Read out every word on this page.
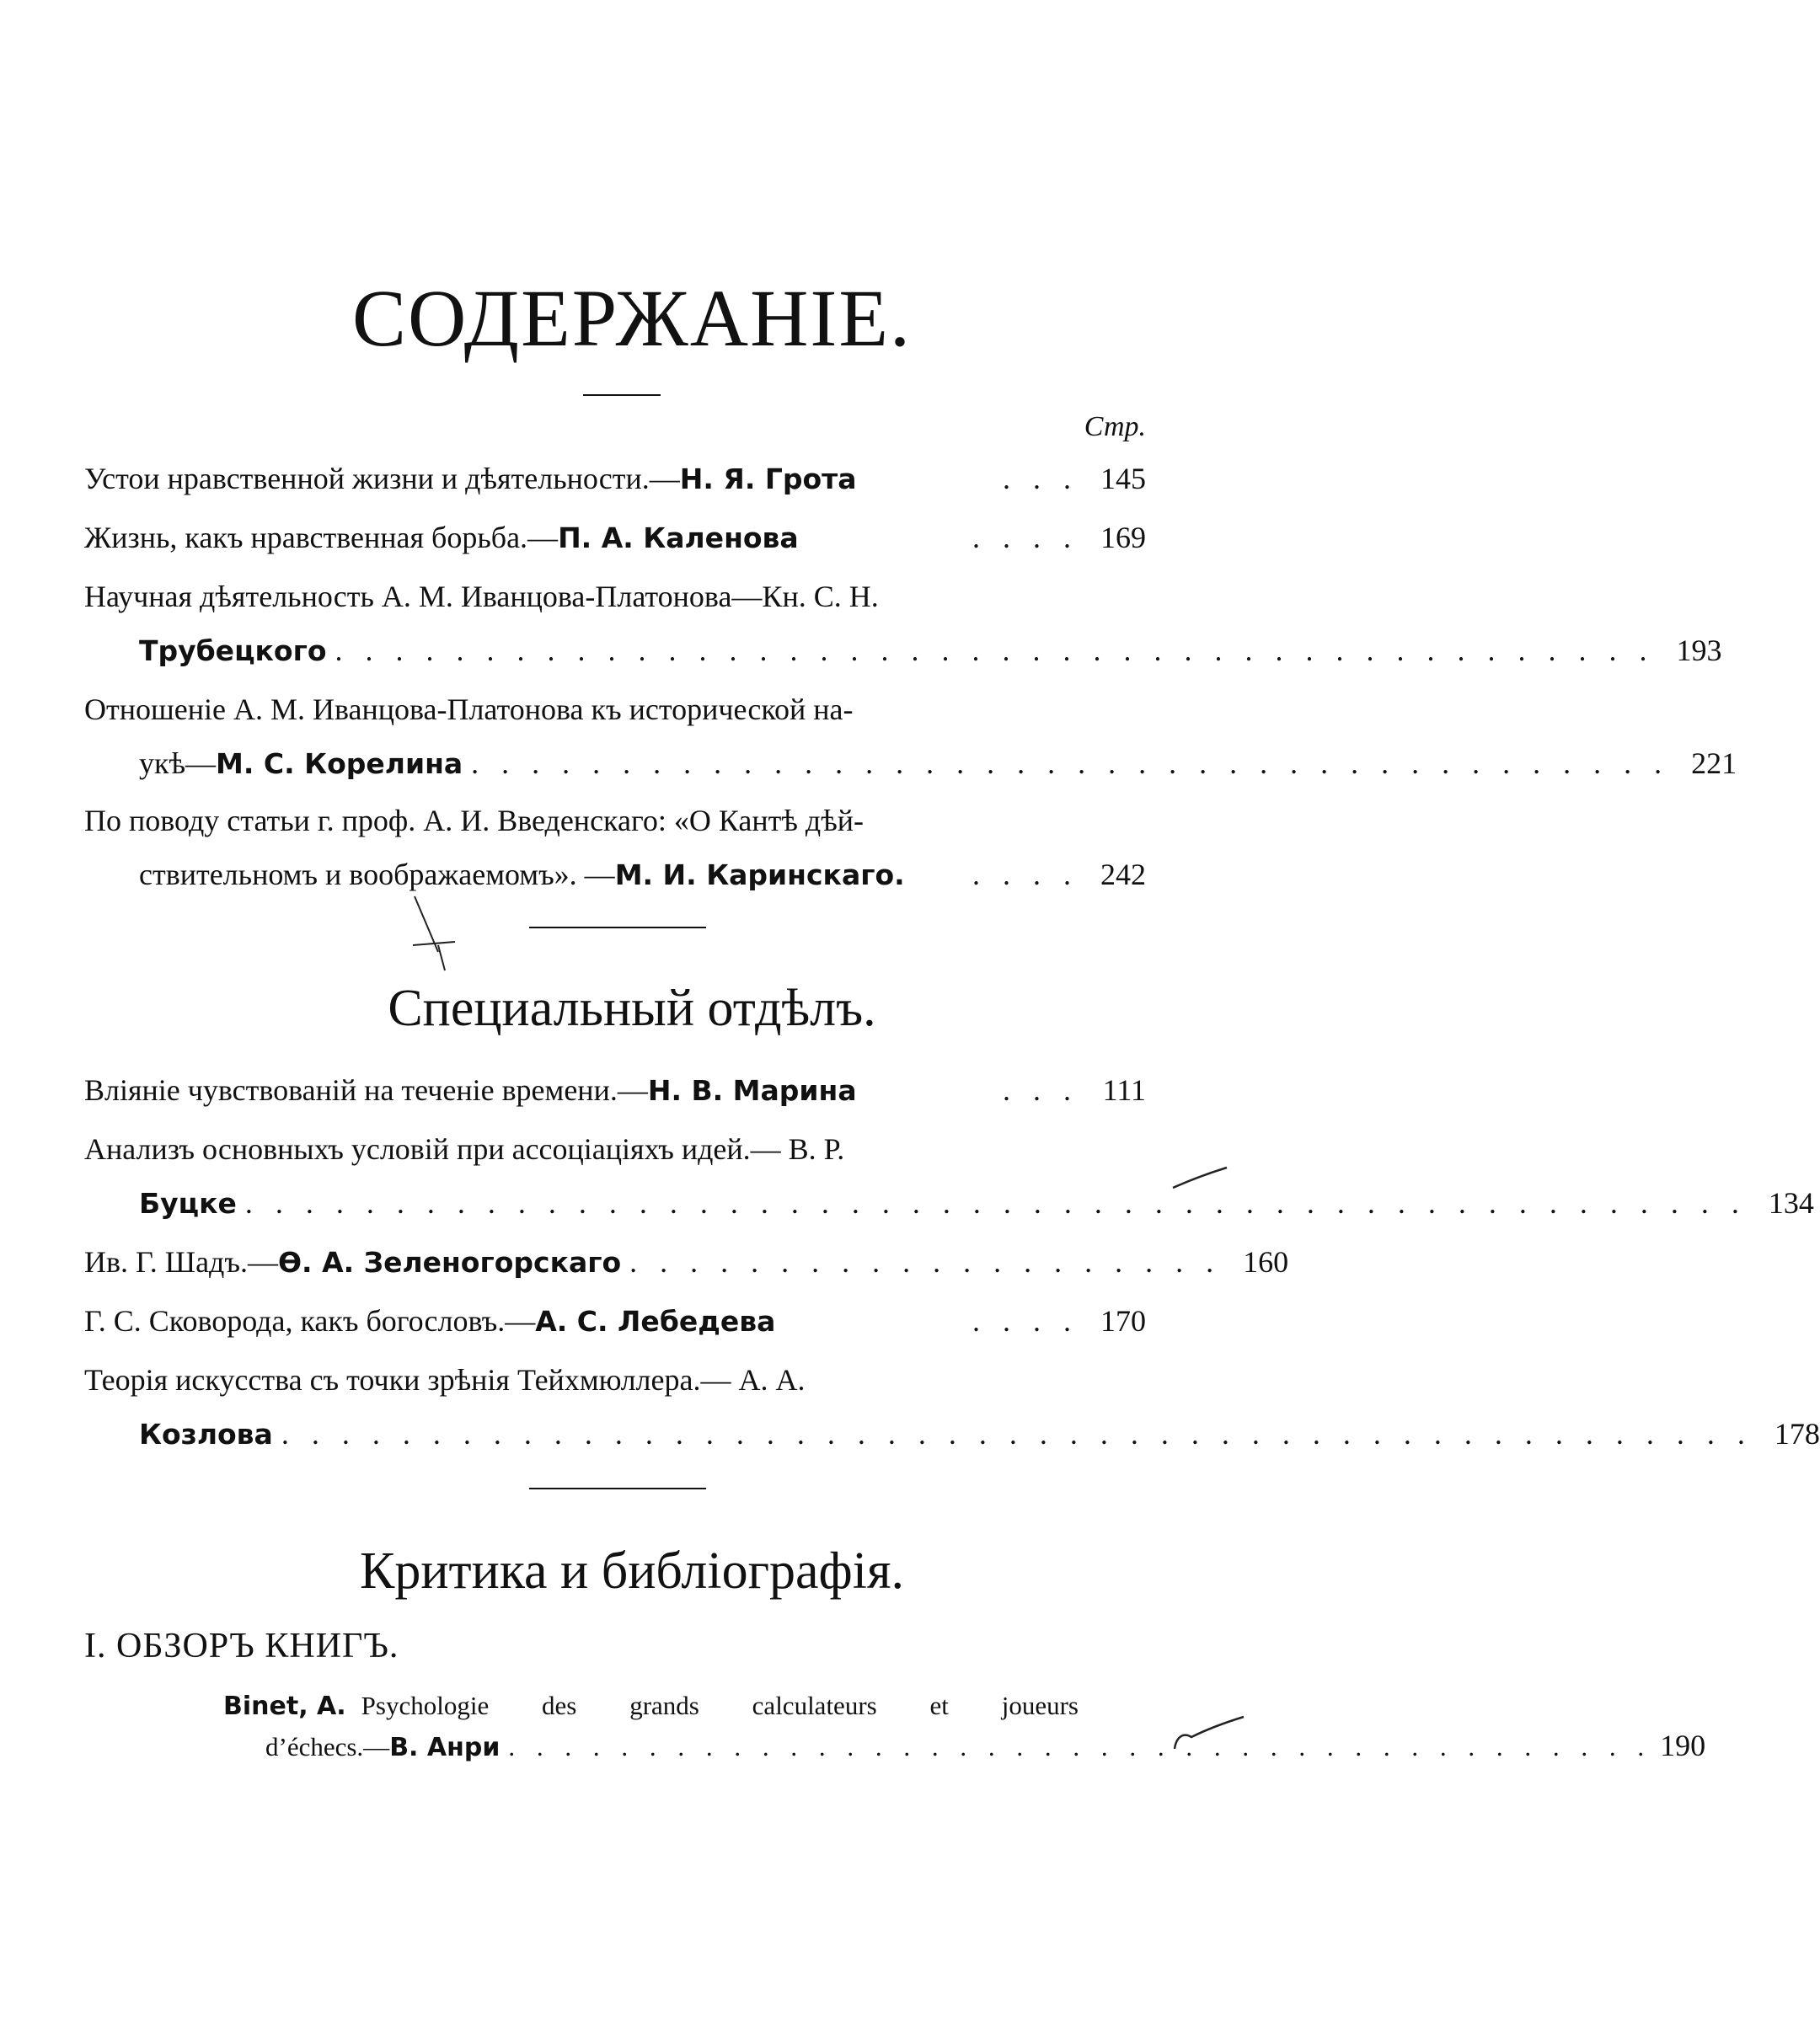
СОДЕРЖАНІЕ.
Стр.
Устои нравственной жизни и дѣятельности.— Н. Я. Грота	. . . 145
Жизнь, какъ нравственная борьба.— П. А. Каленова	. . . . 169
Научная дѣятельность А. М. Иванцова-Платонова—Кн. С. Н.
Трубецкого . . . . . . . . . . . . . . . . . . . . . . . . . . . . . . . . . . . . . . . . . . . . 193
Отношеніе А. М. Иванцова-Платонова къ исторической на-
укѣ— М. С. Корелина . . . . . . . . . . . . . . . . . . . . . . . . . . . . . . . . . . . . . . . . 221
По поводу статьи г. проф. А. И. Введенскаго: «О Кантѣ дѣй-
ствительномъ и воображаемомъ». — М. И. Каринскаго.	. . . . 242
Специальный отдѣлъ.
Вліяніе чувствованій на теченіе времени.— Н. В. Марина	. . . 111
Анализъ основныхъ условій при ассоціаціяхъ идей.— В. Р.
Буцке . . . . . . . . . . . . . . . . . . . . . . . . . . . . . . . . . . . . . . . . . . . . . . . . . . 134
Ив. Г. Шадъ.— Ѳ. А. Зеленогорскаго . . . . . . . . . . . . . . . . . . . . 160
Г. С. Сковорода, какъ богословъ.— А. С. Лебедева	. . . . 170
Теорія искусства съ точки зрѣнія Тейхмюллера.— А. А.
Козлова . . . . . . . . . . . . . . . . . . . . . . . . . . . . . . . . . . . . . . . . . . . . . . . . . 178
Критика и библіографія.
I. ОБЗОРЪ КНИГЪ.
Binet, А. Psychologie des grands calculateurs et joueurs
d’échecs.— В. Анри . . . . . . . . . . . . . . . . . . . . . . . . . . . . . . . . . . . . . . . . . 190
